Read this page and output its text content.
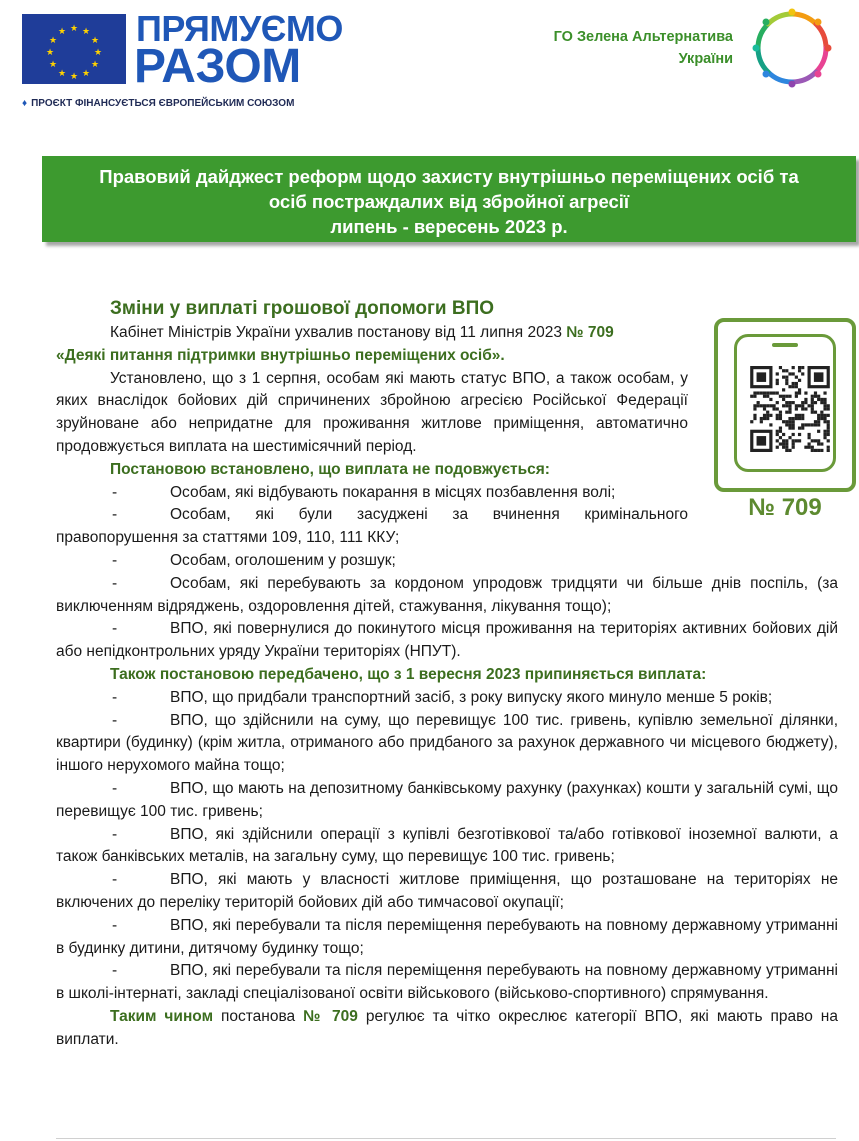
★ ★
★
★
★
★
★
★
★
★
★
★ ПРЯМУЄМО
РАЗОМ
♦ ПРОЄКТ ФІНАНСУЄТЬСЯ ЄВРОПЕЙСЬКИМ СОЮЗОМ
ГО Зелена Альтернатива
України
Правовий дайджест реформ щодо захисту внутрішньо переміщених осіб та
осіб постраждалих від збройної агресії
липень - вересень 2023 р.
№ 709
Зміни у виплаті грошової допомоги ВПО
Кабінет Міністрів України ухвалив постанову від 11 липня 2023 № 709
«Деякі питання підтримки внутрішньо переміщених осіб».
Установлено, що з 1 серпня, особам які мають статус ВПО, а також особам, у яких внаслідок бойових дій спричинених збройною агресією Російської Федерації зруйноване або непридатне для проживання житлове приміщення, автоматично продовжується виплата на шестимісячний період.
Постановою встановлено, що виплата не подовжується:
-	Особам, які відбувають покарання в місцях позбавлення волі;
-	Особам, які були засуджені за вчинення кримінального правопорушення за статтями 109, 110, 111 ККУ;
-	Особам, оголошеним у розшук;
-	Особам, які перебувають за кордоном упродовж тридцяти чи більше днів поспіль, (за виключенням відряджень, оздоровлення дітей, стажування, лікування тощо);
-	ВПО, які повернулися до покинутого місця проживання на територіях активних бойових дій або непідконтрольних уряду України територіях (НПУТ).
Також постановою передбачено, що з 1 вересня 2023 припиняється виплата:
-	ВПО, що придбали транспортний засіб, з року випуску якого минуло менше 5 років;
-	ВПО, що здійснили на суму, що перевищує 100 тис. гривень, купівлю земельної ділянки, квартири (будинку) (крім житла, отриманого або придбаного за рахунок державного чи місцевого бюджету), іншого нерухомого майна тощо;
-	ВПО, що мають на депозитному банківському рахунку (рахунках) кошти у загальній сумі, що перевищує 100 тис. гривень;
-	ВПО, які здійснили операції з купівлі безготівкової та/або готівкової іноземної валюти, а також банківських металів, на загальну суму, що перевищує 100 тис. гривень;
-	ВПО, які мають у власності житлове приміщення, що розташоване на територіях не включених до переліку територій бойових дій або тимчасової окупації;
-	ВПО, які перебували та після переміщення перебувають на повному державному утриманні в будинку дитини, дитячому будинку тощо;
-	ВПО, які перебували та після переміщення перебувають на повному державному утриманні в школі-інтернаті, закладі спеціалізованої освіти військового (військово-спортивного) спрямування.
Таким чином постанова № 709 регулює та чітко окреслює категорії ВПО, які мають право на виплати.
